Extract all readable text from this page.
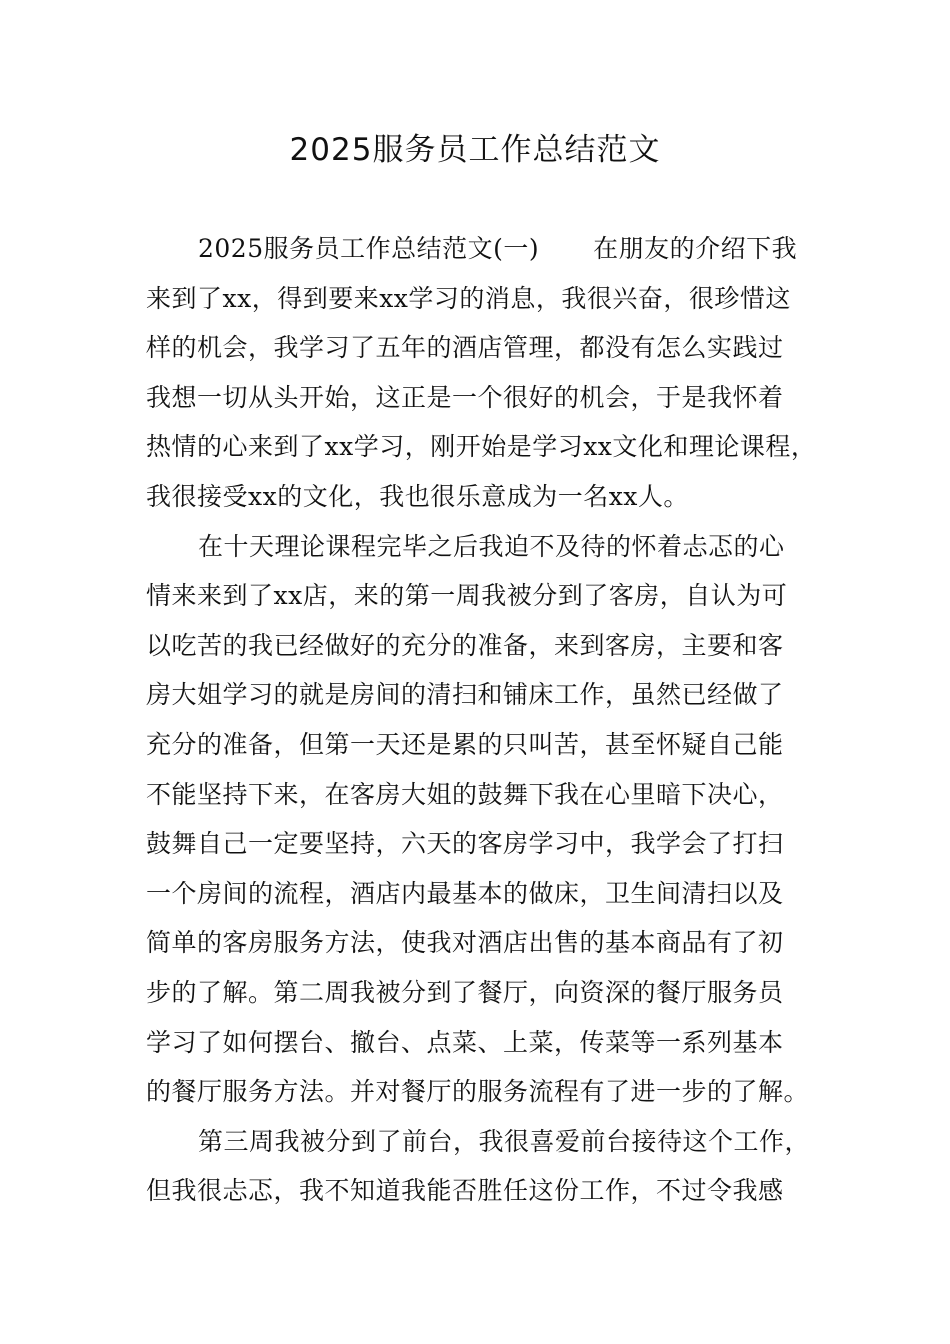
2025服务员工作总结范文
2025服务员工作总结范文(一) 在朋友的介绍下我
来到了xx，得到要来xx学习的消息，我很兴奋，很珍惜这
样的机会，我学习了五年的酒店管理，都没有怎么实践过
我想一切从头开始，这正是一个很好的机会，于是我怀着
热情的心来到了xx学习，刚开始是学习xx文化和理论课程，
我很接受xx的文化，我也很乐意成为一名xx人。
在十天理论课程完毕之后我迫不及待的怀着忐忑的心
情来来到了xx店，来的第一周我被分到了客房，自认为可
以吃苦的我已经做好的充分的准备，来到客房，主要和客
房大姐学习的就是房间的清扫和铺床工作，虽然已经做了
充分的准备，但第一天还是累的只叫苦，甚至怀疑自己能
不能坚持下来，在客房大姐的鼓舞下我在心里暗下决心，
鼓舞自己一定要坚持，六天的客房学习中，我学会了打扫
一个房间的流程，酒店内最基本的做床，卫生间清扫以及
简单的客房服务方法，使我对酒店出售的基本商品有了初
步的了解。第二周我被分到了餐厅，向资深的餐厅服务员
学习了如何摆台、撤台、点菜、上菜，传菜等一系列基本
的餐厅服务方法。并对餐厅的服务流程有了进一步的了解。
第三周我被分到了前台，我很喜爱前台接待这个工作，
但我很忐忑，我不知道我能否胜任这份工作，不过令我感
